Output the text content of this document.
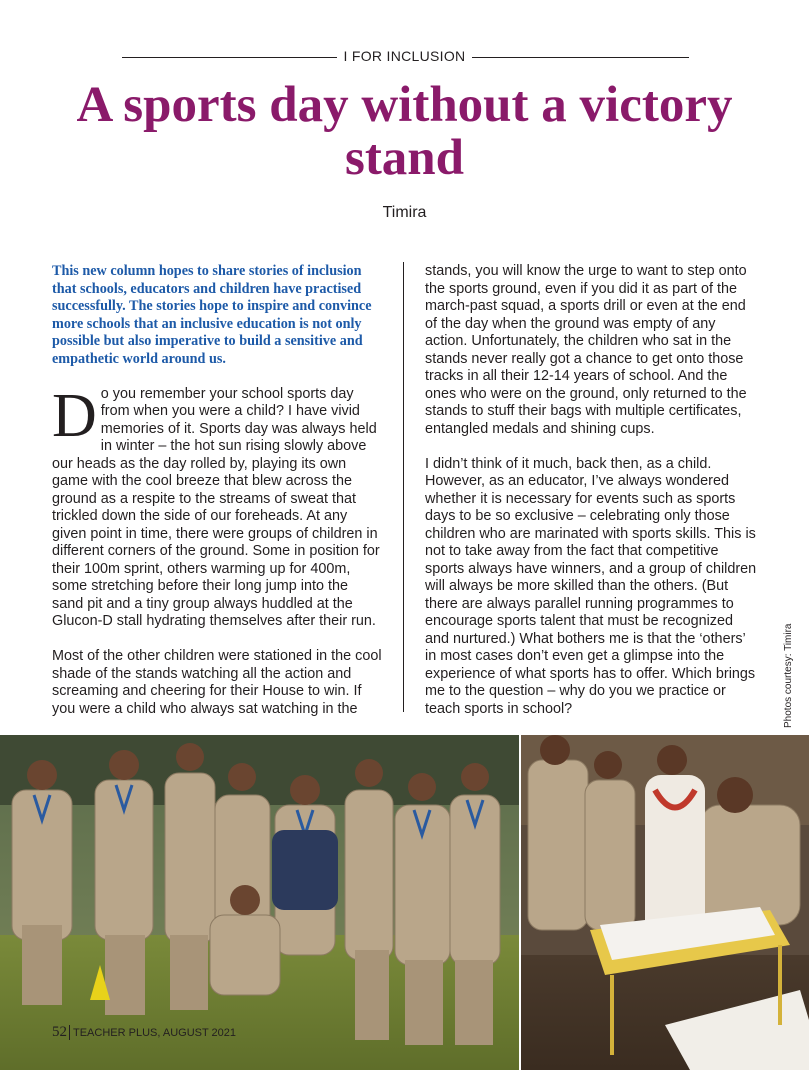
I FOR INCLUSION
A sports day without a victory stand
Timira

This new column hopes to share stories of inclusion that schools, educators and children have practised successfully. The stories hope to inspire and convince more schools that an inclusive education is not only possible but also imperative to build a sensitive and empathetic world around us.

Do you remember your school sports day from when you were a child? I have vivid memories of it. Sports day was always held in winter – the hot sun rising slowly above our heads as the day rolled by, playing its own game with the cool breeze that blew across the ground as a respite to the streams of sweat that trickled down the side of our foreheads. At any given point in time, there were groups of children in different corners of the ground. Some in position for their 100m sprint, others warming up for 400m, some stretching before their long jump into the sand pit and a tiny group always huddled at the Glucon-D stall hydrating themselves after their run.

Most of the other children were stationed in the cool shade of the stands watching all the action and screaming and cheering for their House to win. If you were a child who always sat watching in the

stands, you will know the urge to want to step onto the sports ground, even if you did it as part of the march-past squad, a sports drill or even at the end of the day when the ground was empty of any action. Unfortunately, the children who sat in the stands never really got a chance to get onto those tracks in all their 12-14 years of school. And the ones who were on the ground, only returned to the stands to stuff their bags with multiple certificates, entangled medals and shining cups.

I didn’t think of it much, back then, as a child. However, as an educator, I’ve always wondered whether it is necessary for events such as sports days to be so exclusive – celebrating only those children who are marinated with sports skills. This is not to take away from the fact that competitive sports always have winners, and a group of children will always be more skilled than the others. (But there are always parallel running programmes to encourage sports talent that must be recognized and nurtured.) What bothers me is that the ‘others’ in most cases don’t even get a glimpse into the experience of what sports has to offer. Which brings me to the question – why do you we practice or teach sports in school?	Photos courtesy: Timira
52 TEACHER PLUS, AUGUST 2021
